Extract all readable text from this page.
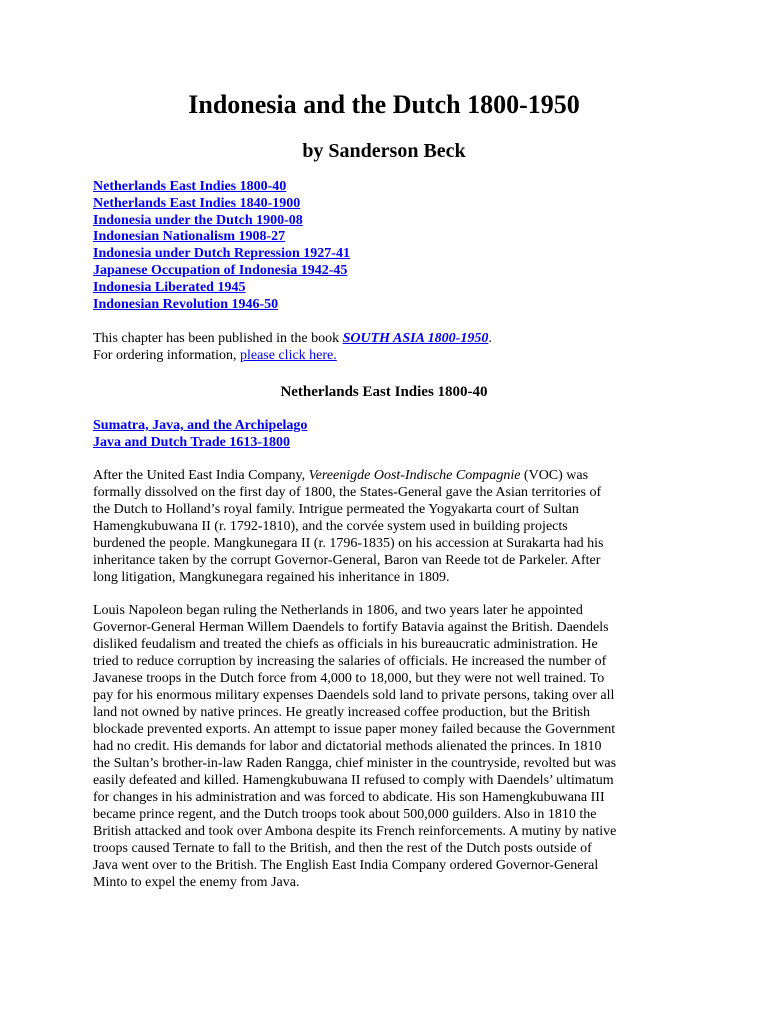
Indonesia and the Dutch 1800-1950
by Sanderson Beck
Netherlands East Indies 1800-40
Netherlands East Indies 1840-1900
Indonesia under the Dutch 1900-08
Indonesian Nationalism 1908-27
Indonesia under Dutch Repression 1927-41
Japanese Occupation of Indonesia 1942-45
Indonesia Liberated 1945
Indonesian Revolution 1946-50
This chapter has been published in the book SOUTH ASIA 1800-1950.
For ordering information, please click here.
Netherlands East Indies 1800-40
Sumatra, Java, and the Archipelago
Java and Dutch Trade 1613-1800

After the United East India Company, Vereenigde Oost-Indische Compagnie (VOC) was
formally dissolved on the first day of 1800, the States-General gave the Asian territories of
the Dutch to Holland’s royal family. Intrigue permeated the Yogyakarta court of Sultan
Hamengkubuwana II (r. 1792-1810), and the corvée system used in building projects
burdened the people. Mangkunegara II (r. 1796-1835) on his accession at Surakarta had his
inheritance taken by the corrupt Governor-General, Baron van Reede tot de Parkeler. After
long litigation, Mangkunegara regained his inheritance in 1809.

Louis Napoleon began ruling the Netherlands in 1806, and two years later he appointed
Governor-General Herman Willem Daendels to fortify Batavia against the British. Daendels
disliked feudalism and treated the chiefs as officials in his bureaucratic administration. He
tried to reduce corruption by increasing the salaries of officials. He increased the number of
Javanese troops in the Dutch force from 4,000 to 18,000, but they were not well trained. To
pay for his enormous military expenses Daendels sold land to private persons, taking over all
land not owned by native princes. He greatly increased coffee production, but the British
blockade prevented exports. An attempt to issue paper money failed because the Government
had no credit. His demands for labor and dictatorial methods alienated the princes. In 1810
the Sultan’s brother-in-law Raden Rangga, chief minister in the countryside, revolted but was
easily defeated and killed. Hamengkubuwana II refused to comply with Daendels’ ultimatum
for changes in his administration and was forced to abdicate. His son Hamengkubuwana III
became prince regent, and the Dutch troops took about 500,000 guilders. Also in 1810 the
British attacked and took over Ambona despite its French reinforcements. A mutiny by native
troops caused Ternate to fall to the British, and then the rest of the Dutch posts outside of
Java went over to the British. The English East India Company ordered Governor-General
Minto to expel the enemy from Java.
